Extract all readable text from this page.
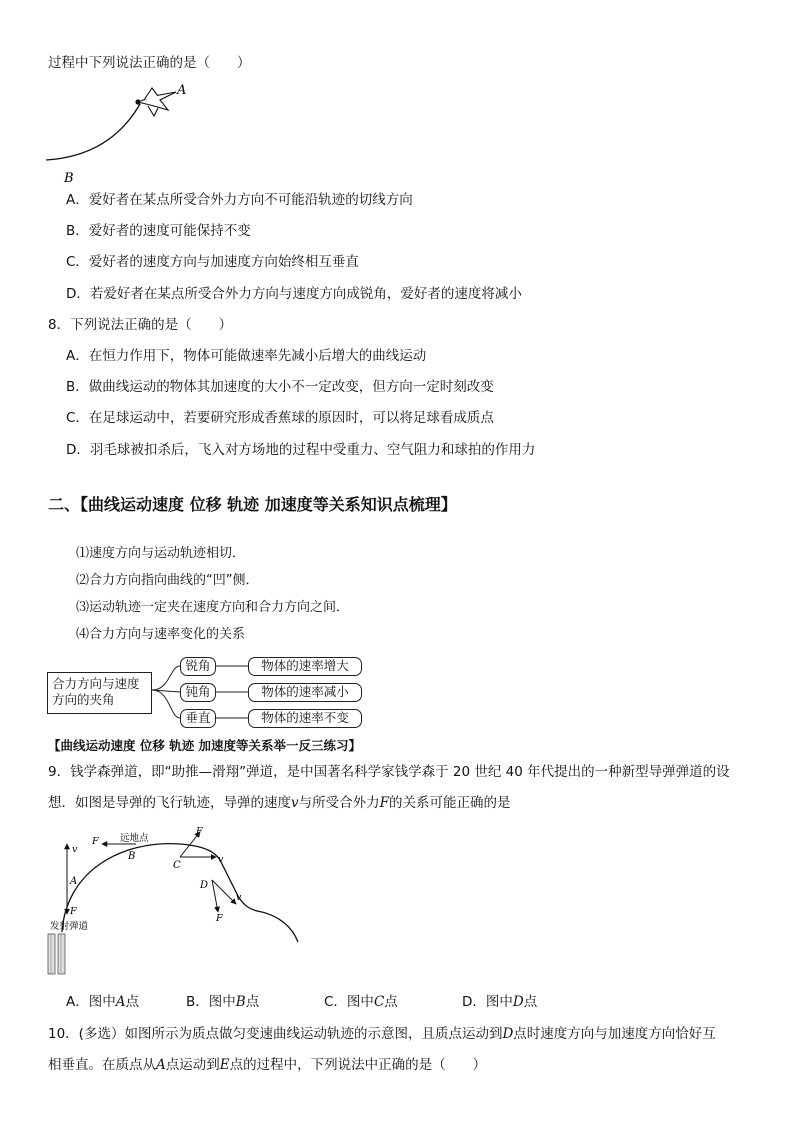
过程中下列说法正确的是（　　）
A
B
A．爱好者在某点所受合外力方向不可能沿轨迹的切线方向
B．爱好者的速度可能保持不变
C．爱好者的速度方向与加速度方向始终相互垂直
D．若爱好者在某点所受合外力方向与速度方向成锐角，爱好者的速度将减小
8．下列说法正确的是（　　）
A．在恒力作用下，物体可能做速率先减小后增大的曲线运动
B．做曲线运动的物体其加速度的大小不一定改变，但方向一定时刻改变
C．在足球运动中，若要研究形成香蕉球的原因时，可以将足球看成质点
D．羽毛球被扣杀后，飞入对方场地的过程中受重力、空气阻力和球拍的作用力
二、【曲线运动速度 位移 轨迹 加速度等关系知识点梳理】
⑴速度方向与运动轨迹相切．
⑵合力方向指向曲线的“凹”侧．
⑶运动轨迹一定夹在速度方向和合力方向之间．
⑷合力方向与速率变化的关系
合力方向与速度
方向的夹角
锐角
钝角
垂直
物体的速率增大
物体的速率减小
物体的速率不变
【曲线运动速度 位移 轨迹 加速度等关系举一反三练习】
9．钱学森弹道，即“助推—滑翔”弹道，是中国著名科学家钱学森于 20 世纪 40 年代提出的一种新型导弹弹道的设
想．如图是导弹的飞行轨迹，导弹的速度v与所受合外力F的关系可能正确的是
发射弹道
v
F
A
远地点
F
B
F
v
C
F
v
D
A．图中A点	B．图中B点	C．图中C点	D．图中D点
10．(多选）如图所示为质点做匀变速曲线运动轨迹的示意图，且质点运动到D点时速度方向与加速度方向恰好互
相垂直。在质点从A点运动到E点的过程中，下列说法中正确的是（　　）
